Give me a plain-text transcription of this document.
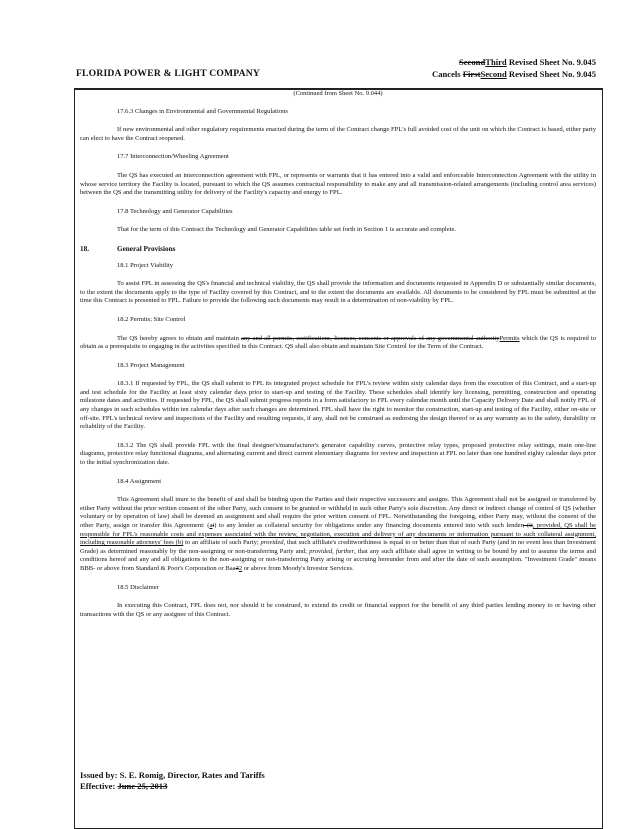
SecondThird Revised Sheet No. 9.045
Cancels FirstSecond Revised Sheet No. 9.045
FLORIDA POWER & LIGHT COMPANY
(Continued from Sheet No. 9.044)
17.6.3 Changes in Environmental and Governmental Regulations
If new environmental and other regulatory requirements enacted during the term of the Contract change FPL's full avoided cost of the unit on which the Contract is based, either party can elect to have the Contract reopened.
17.7 Interconnection/Wheeling Agreement
The QS has executed an interconnection agreement with FPL, or represents or warrants that it has entered into a valid and enforceable Interconnection Agreement with the utility in whose service territory the Facility is located, pursuant to which the QS assumes contractual responsibility to make any and all transmission-related arrangements (including control area services) between the QS and the transmitting utility for delivery of the Facility's capacity and energy to FPL.
17.8 Technology and Generator Capabilities
That for the term of this Contract the Technology and Generator Capabilities table set forth in Section 1 is accurate and complete.
18.	General Provisions
18.1 Project Viability
To assist FPL in assessing the QS's financial and technical viability, the QS shall provide the information and documents requested in Appendix D or substantially similar documents, to the extent the documents apply to the type of Facility covered by this Contract, and to the extent the documents are available. All documents to be considered by FPL must be submitted at the time this Contract is presented to FPL. Failure to provide the following such documents may result in a determination of non-viability by FPL.
18.2 Permits; Site Control
The QS hereby agrees to obtain and maintain any and all permits, certifications, licenses, consents or approvals of any governmental authorityPermits which the QS is required to obtain as a prerequisite to engaging in the activities specified in this Contract. QS shall also obtain and maintain Site Control for the Term of the Contract.
18.3 Project Management
18.3.1 If requested by FPL, the QS shall submit to FPL its integrated project schedule for FPL's review within sixty calendar days from the execution of this Contract, and a start-up and test schedule for the Facility at least sixty calendar days prior to start-up and testing of the Facility. These schedules shall identify key licensing, permitting, construction and operating milestone dates and activities. If requested by FPL, the QS shall submit progress reports in a form satisfactory to FPL every calendar month until the Capacity Delivery Date and shall notify FPL of any changes in such schedules within ten calendar days after such changes are determined. FPL shall have the right to monitor the construction, start-up and testing of the Facility, either on-site or off-site. FPL's technical review and inspections of the Facility and resulting requests, if any, shall not be construed as endorsing the design thereof or as any warranty as to the safety, durability or reliability of the Facility.
18.3.2 The QS shall provide FPL with the final designer's/manufacturer's generator capability curves, protective relay types, proposed protective relay settings, main one-line diagrams, protective relay functional diagrams, and alternating current and direct current elementary diagrams for review and inspection at FPL no later than one hundred eighty calendar days prior to the initial synchronization date.
18.4 Assignment
This Agreement shall inure to the benefit of and shall be binding upon the Parties and their respective successors and assigns. This Agreement shall not be assigned or transferred by either Party without the prior written consent of the other Party, such consent to be granted or withheld in such other Party's sole discretion. Any direct or indirect change of control of QS (whether voluntary or by operation of law) shall be deemed an assignment and shall require the prior written consent of FPL. Notwithstanding the foregoing, either Party may, without the consent of the other Party, assign or transfer this Agreement: (ai) to any lender as collateral security for obligations under any financing documents entered into with such lender; (ii, provided, QS shall be responsible for FPL's reasonable costs and expenses associated with the review, negotiation, execution and delivery of any documents or information pursuant to such collateral assignment, including reasonable attorneys' fees (b) to an affiliate of such Party; provided, that such affiliate's creditworthiness is equal to or better than that of such Party (and in no event less than Investment Grade) as determined reasonably by the non-assigning or non-transferring Party and; provided, further, that any such affiliate shall agree in writing to be bound by and to assume the terms and conditions hereof and any and all obligations to the non-assigning or non-transferring Party arising or accruing hereunder from and after the date of such assumption. "Investment Grade" means BBB- or above from Standard & Poor's Corporation or Baa32 or above from Moody's Investor Services.
18.5 Disclaimer
In executing this Contract, FPL does not, nor should it be construed, to extend its credit or financial support for the benefit of any third parties lending money to or having other transactions with the QS or any assignee of this Contract.
Issued by: S. E. Romig, Director, Rates and Tariffs
Effective: June 25, 2013
